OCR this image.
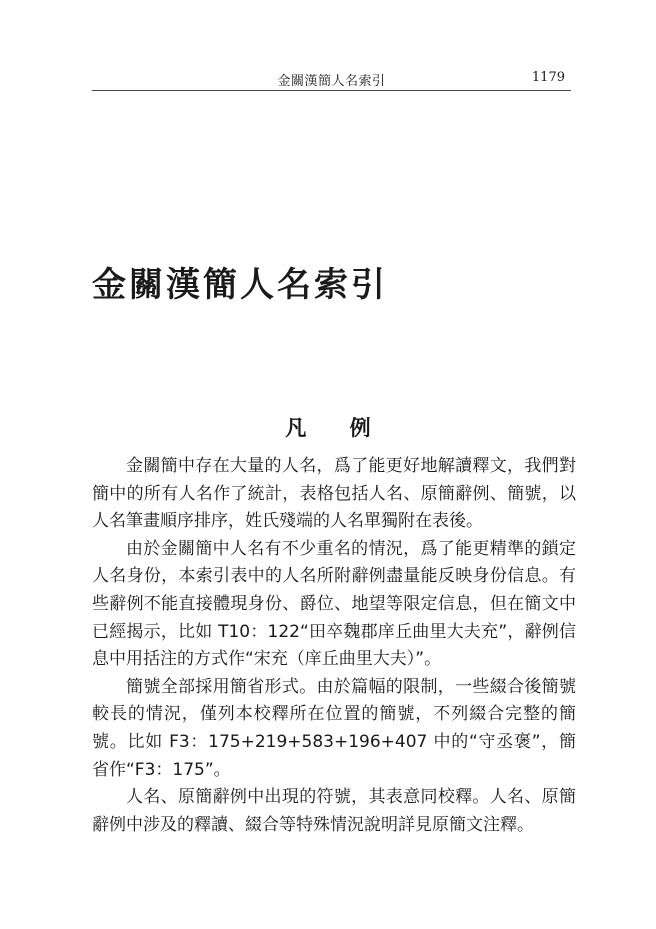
金關漢簡人名索引	1179
金關漢簡人名索引
凡 例

金關簡中存在大量的人名，爲了能更好地解讀釋文，我們對簡中的所有人名作了統計，表格包括人名、原簡辭例、簡號，以人名筆畫順序排序，姓氏殘端的人名單獨附在表後。

由於金關簡中人名有不少重名的情況，爲了能更精準的鎖定人名身份，本索引表中的人名所附辭例盡量能反映身份信息。有些辭例不能直接體現身份、爵位、地望等限定信息，但在簡文中已經揭示，比如 T10：122“田卒魏郡庠丘曲里大夫充”，辭例信息中用括注的方式作“宋充（庠丘曲里大夫）”。

簡號全部採用簡省形式。由於篇幅的限制，一些綴合後簡號較長的情況，僅列本校釋所在位置的簡號，不列綴合完整的簡號。比如 F3：175+219+583+196+407 中的“守丞褒”，簡省作“F3：175”。

人名、原簡辭例中出現的符號，其表意同校釋。人名、原簡辭例中涉及的釋讀、綴合等特殊情況說明詳見原簡文注釋。
